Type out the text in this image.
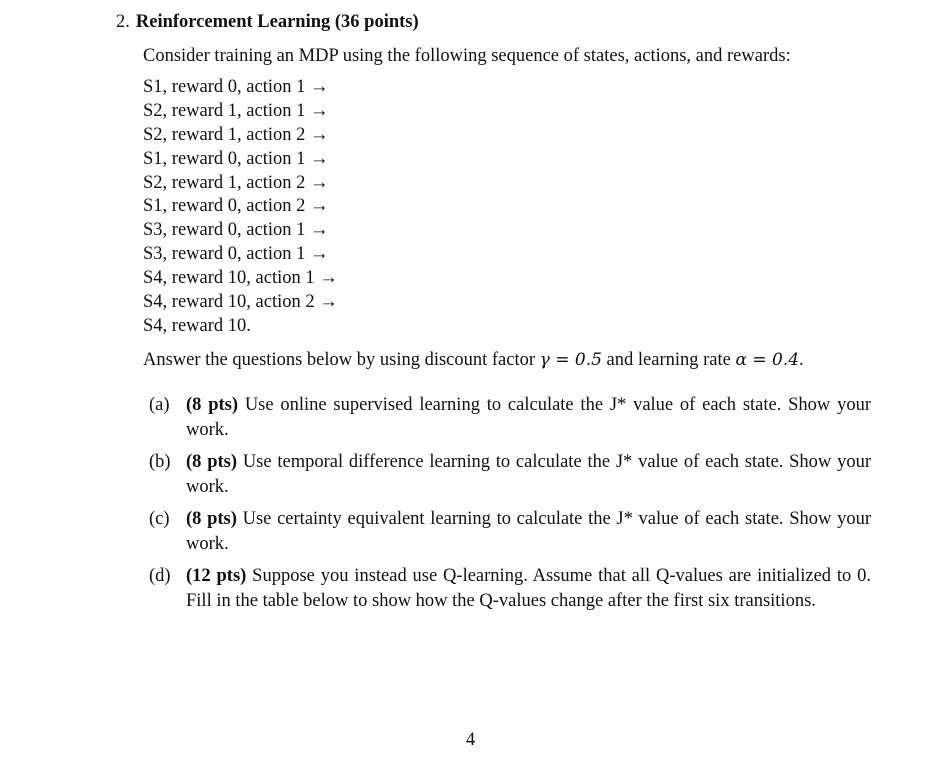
2. Reinforcement Learning (36 points)
Consider training an MDP using the following sequence of states, actions, and rewards:
S1, reward 0, action 1 →
S2, reward 1, action 1 →
S2, reward 1, action 2 →
S1, reward 0, action 1 →
S2, reward 1, action 2 →
S1, reward 0, action 2 →
S3, reward 0, action 1 →
S3, reward 0, action 1 →
S4, reward 10, action 1 →
S4, reward 10, action 2 →
S4, reward 10.
Answer the questions below by using discount factor γ = 0.5 and learning rate α = 0.4.
(a) (8 pts) Use online supervised learning to calculate the J* value of each state. Show your work.
(b) (8 pts) Use temporal difference learning to calculate the J* value of each state. Show your work.
(c) (8 pts) Use certainty equivalent learning to calculate the J* value of each state. Show your work.
(d) (12 pts) Suppose you instead use Q-learning. Assume that all Q-values are initialized to 0. Fill in the table below to show how the Q-values change after the first six transitions.
4
